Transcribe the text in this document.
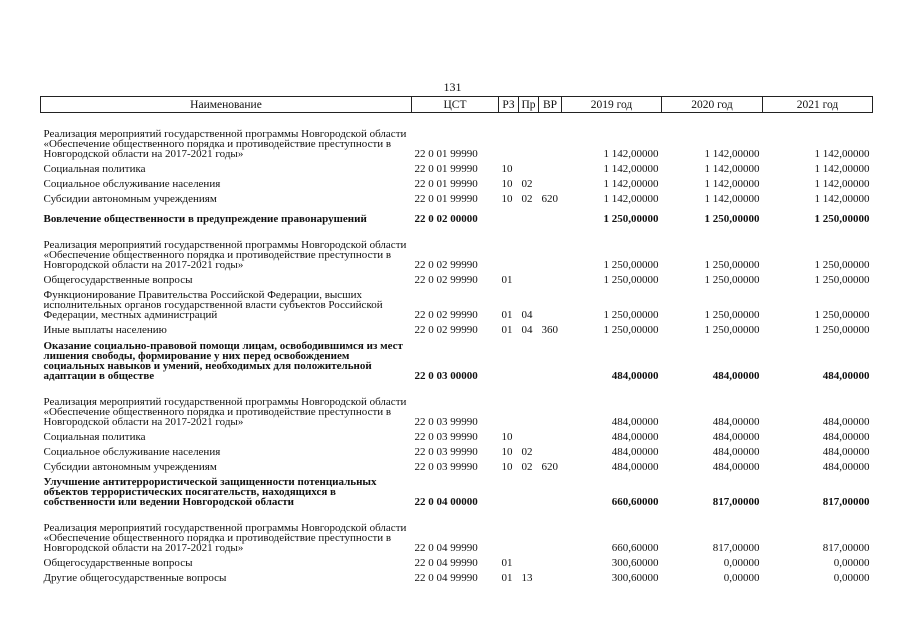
131
Наименование	ЦСТ	РЗ	Пр	ВР	2019 год	2020 год	2021 год
Реализация мероприятий государственной программы Новгородской области «Обеспечение общественного порядка и противодействие преступности в Новгородской области на 2017-2021 годы»	22 0 01 99990				1 142,00000	1 142,00000	1 142,00000
Социальная политика	22 0 01 99990	10			1 142,00000	1 142,00000	1 142,00000
Социальное обслуживание населения	22 0 01 99990	10	02		1 142,00000	1 142,00000	1 142,00000
Субсидии автономным учреждениям	22 0 01 99990	10	02	620	1 142,00000	1 142,00000	1 142,00000
Вовлечение общественности в предупреждение правонарушений	22 0 02 00000				1 250,00000	1 250,00000	1 250,00000
Реализация мероприятий государственной программы Новгородской области «Обеспечение общественного порядка и противодействие преступности в Новгородской области на 2017-2021 годы»	22 0 02 99990				1 250,00000	1 250,00000	1 250,00000
Общегосударственные вопросы	22 0 02 99990	01			1 250,00000	1 250,00000	1 250,00000
Функционирование Правительства Российской Федерации, высших исполнительных органов государственной власти субъектов Российской Федерации, местных администраций	22 0 02 99990	01	04		1 250,00000	1 250,00000	1 250,00000
Иные выплаты населению	22 0 02 99990	01	04	360	1 250,00000	1 250,00000	1 250,00000
Оказание социально-правовой помощи лицам, освободившимся из мест лишения свободы, формирование у них перед освобождением социальных навыков и умений, необходимых для положительной адаптации в обществе	22 0 03 00000				484,00000	484,00000	484,00000
Реализация мероприятий государственной программы Новгородской области «Обеспечение общественного порядка и противодействие преступности в Новгородской области на 2017-2021 годы»	22 0 03 99990				484,00000	484,00000	484,00000
Социальная политика	22 0 03 99990	10			484,00000	484,00000	484,00000
Социальное обслуживание населения	22 0 03 99990	10	02		484,00000	484,00000	484,00000
Субсидии автономным учреждениям	22 0 03 99990	10	02	620	484,00000	484,00000	484,00000
Улучшение антитеррористической защищенности потенциальных объектов террористических посягательств, находящихся в собственности или ведении Новгородской области	22 0 04 00000				660,60000	817,00000	817,00000
Реализация мероприятий государственной программы Новгородской области «Обеспечение общественного порядка и противодействие преступности в Новгородской области на 2017-2021 годы»	22 0 04 99990				660,60000	817,00000	817,00000
Общегосударственные вопросы	22 0 04 99990	01			300,60000	0,00000	0,00000
Другие общегосударственные вопросы	22 0 04 99990	01	13		300,60000	0,00000	0,00000
